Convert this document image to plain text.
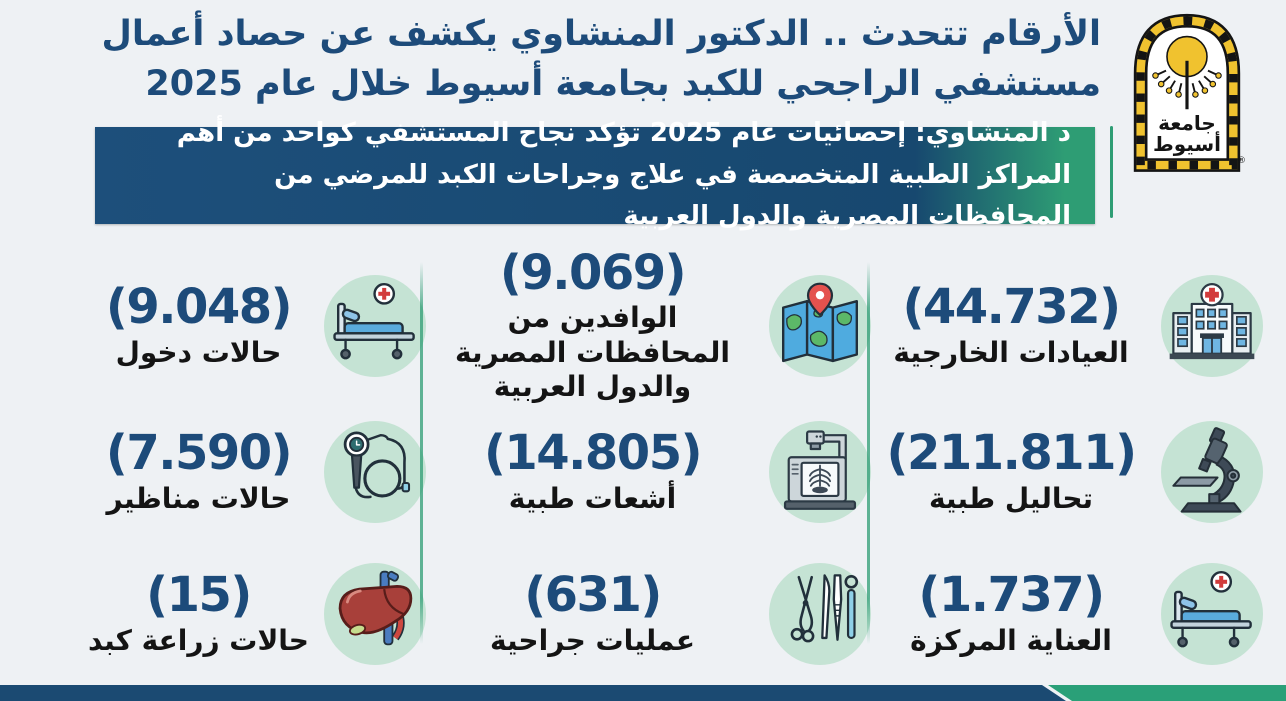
الأرقام تتحدث .. الدكتور المنشاوي يكشف عن حصاد أعمال
مستشفي الراجحي للكبد بجامعة أسيوط خلال عام 2025
جامعة
أسيوط
®
د المنشاوي: إحصائيات عام 2025 تؤكد نجاح المستشفي كواحد من أهم المراكز الطبية المتخصصة في علاج وجراحات الكبد للمرضي من المحافظات المصرية والدول العربية
(44.732)
العيادات الخارجية
(9.069)
الوافدين من المحافظات المصرية والدول العربية
(9.048)
حالات دخول
(211.811)
تحاليل طبية
(14.805)
أشعات طبية
(7.590)
حالات مناظير
(1.737)
العناية المركزة
(631)
عمليات جراحية
(15)
حالات زراعة كبد
